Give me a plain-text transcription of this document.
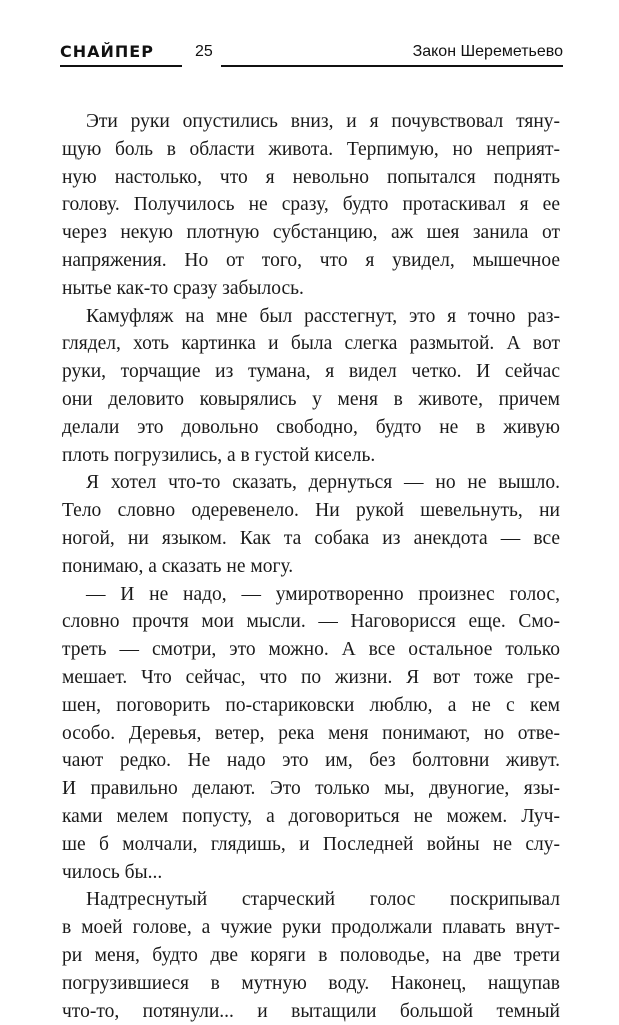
СНАЙПЕР	25	Закон Шереметьево
Эти руки опустились вниз, и я почувствовал тяну-
щую боль в области живота. Терпимую, но неприят-
ную настолько, что я невольно попытался поднять
голову. Получилось не сразу, будто протаскивал я ее
через некую плотную субстанцию, аж шея занила от
напряжения. Но от того, что я увидел, мышечное
нытье как-то сразу забылось.
Камуфляж на мне был расстегнут, это я точно раз-
глядел, хоть картинка и была слегка размытой. А вот
руки, торчащие из тумана, я видел четко. И сейчас
они деловито ковырялись у меня в животе, причем
делали это довольно свободно, будто не в живую
плоть погрузились, а в густой кисель.
Я хотел что-то сказать, дернуться — но не вышло.
Тело словно одеревенело. Ни рукой шевельнуть, ни
ногой, ни языком. Как та собака из анекдота — все
понимаю, а сказать не могу.
— И не надо, — умиротворенно произнес голос,
словно прочтя мои мысли. — Наговорисся еще. Смо-
треть — смотри, это можно. А все остальное только
мешает. Что сейчас, что по жизни. Я вот тоже гре-
шен, поговорить по-стариковски люблю, а не с кем
особо. Деревья, ветер, река меня понимают, но отве-
чают редко. Не надо это им, без болтовни живут.
И правильно делают. Это только мы, двуногие, язы-
ками мелем попусту, а договориться не можем. Луч-
ше б молчали, глядишь, и Последней войны не слу-
чилось бы...
Надтреснутый старческий голос поскрипывал
в моей голове, а чужие руки продолжали плавать внут-
ри меня, будто две коряги в половодье, на две трети
погрузившиеся в мутную воду. Наконец, нащупав
что-то, потянули... и вытащили большой темный
